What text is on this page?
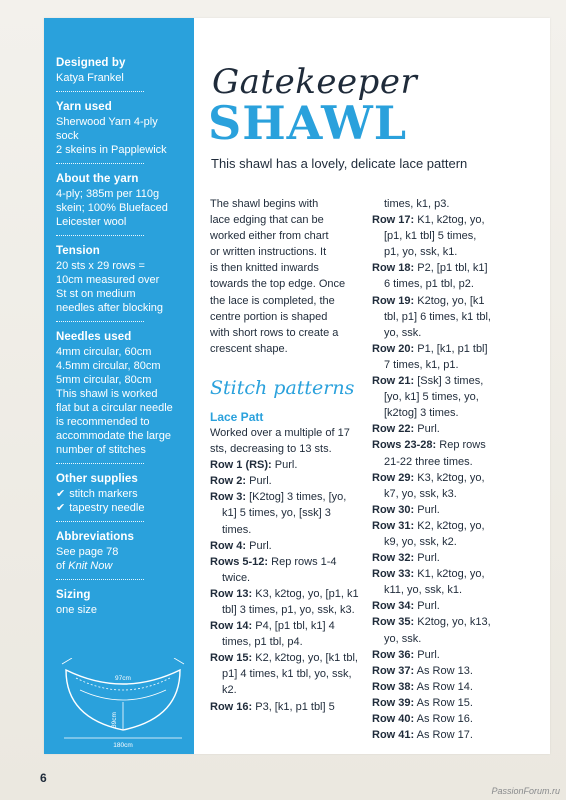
Designed by
Katya Frankel
Yarn used
Sherwood Yarn 4-ply sock
2 skeins in Papplewick
About the yarn
4-ply; 385m per 110g
skein; 100% Bluefaced
Leicester wool
Tension
20 sts x 29 rows =
10cm measured over
St st on medium
needles after blocking
Needles used
4mm circular, 60cm
4.5mm circular, 80cm
5mm circular, 80cm
This shawl is worked
flat but a circular needle
is recommended to
accommodate the large
number of stitches
Other supplies
✔ stitch markers
✔ tapestry needle
Abbreviations
See page 78
of Knit Now
Sizing
one size
97cm
39cm
180cm
Gatekeeper
SHAWL
This shawl has a lovely, delicate lace pattern
The shawl begins with
lace edging that can be
worked either from chart
or written instructions. It
is then knitted inwards
towards the top edge. Once
the lace is completed, the
centre portion is shaped
with short rows to create a
crescent shape.
Stitch patterns
Lace Patt
Worked over a multiple of 17
sts, decreasing to 13 sts.
Row 1 (RS): Purl.
Row 2: Purl.
Row 3: [K2tog] 3 times, [yo, k1] 5 times, yo, [ssk] 3 times.
Row 4: Purl.
Rows 5-12: Rep rows 1-4 twice.
Row 13: K3, k2tog, yo, [p1, k1 tbl] 3 times, p1, yo, ssk, k3.
Row 14: P4, [p1 tbl, k1] 4 times, p1 tbl, p4.
Row 15: K2, k2tog, yo, [k1 tbl, p1] 4 times, k1 tbl, yo, ssk, k2.
Row 16: P3, [k1, p1 tbl] 5
times, k1, p3.
Row 17: K1, k2tog, yo, [p1, k1 tbl] 5 times, p1, yo, ssk, k1.
Row 18: P2, [p1 tbl, k1] 6 times, p1 tbl, p2.
Row 19: K2tog, yo, [k1 tbl, p1] 6 times, k1 tbl, yo, ssk.
Row 20: P1, [k1, p1 tbl] 7 times, k1, p1.
Row 21: [Ssk] 3 times, [yo, k1] 5 times, yo, [k2tog] 3 times.
Row 22: Purl.
Rows 23-28: Rep rows 21-22 three times.
Row 29: K3, k2tog, yo, k7, yo, ssk, k3.
Row 30: Purl.
Row 31: K2, k2tog, yo, k9, yo, ssk, k2.
Row 32: Purl.
Row 33: K1, k2tog, yo, k11, yo, ssk, k1.
Row 34: Purl.
Row 35: K2tog, yo, k13, yo, ssk.
Row 36: Purl.
Row 37: As Row 13.
Row 38: As Row 14.
Row 39: As Row 15.
Row 40: As Row 16.
Row 41: As Row 17.
6
PassionForum.ru
